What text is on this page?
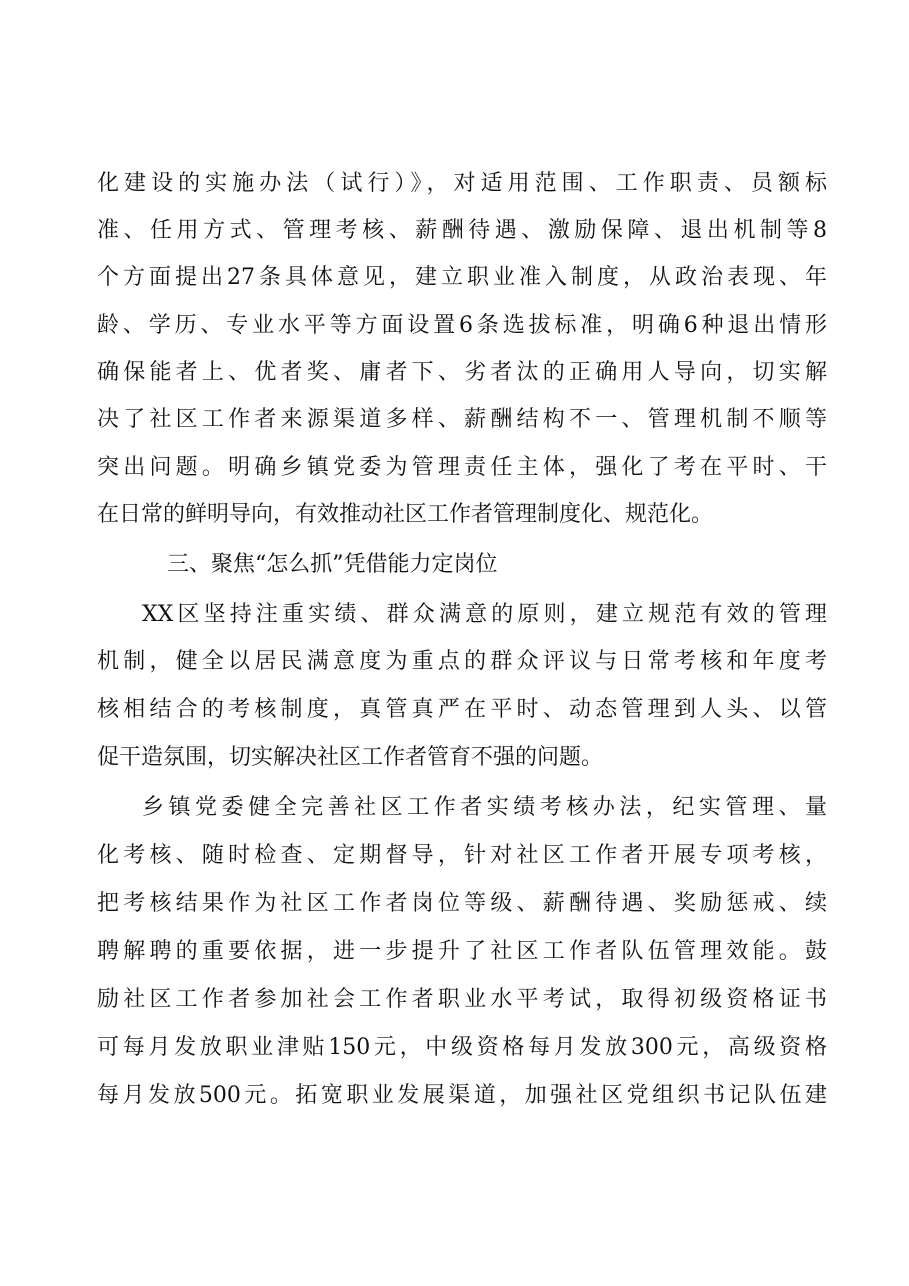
化建设的实施办法（试行）》，对适用范围、工作职责、员额标
准、任用方式、管理考核、薪酬待遇、激励保障、退出机制等8
个方面提出27条具体意见，建立职业准入制度，从政治表现、年
龄、学历、专业水平等方面设置6条选拔标准，明确6种退出情形
确保能者上、优者奖、庸者下、劣者汰的正确用人导向，切实解
决了社区工作者来源渠道多样、薪酬结构不一、管理机制不顺等
突出问题。明确乡镇党委为管理责任主体，强化了考在平时、干
在日常的鲜明导向，有效推动社区工作者管理制度化、规范化。
三、聚焦“怎么抓”凭借能力定岗位
XX区坚持注重实绩、群众满意的原则，建立规范有效的管理
机制，健全以居民满意度为重点的群众评议与日常考核和年度考
核相结合的考核制度，真管真严在平时、动态管理到人头、以管
促干造氛围，切实解决社区工作者管育不强的问题。
乡镇党委健全完善社区工作者实绩考核办法，纪实管理、量
化考核、随时检查、定期督导，针对社区工作者开展专项考核，
把考核结果作为社区工作者岗位等级、薪酬待遇、奖励惩戒、续
聘解聘的重要依据，进一步提升了社区工作者队伍管理效能。鼓
励社区工作者参加社会工作者职业水平考试，取得初级资格证书
可每月发放职业津贴150元，中级资格每月发放300元，高级资格
每月发放500元。拓宽职业发展渠道，加强社区党组织书记队伍建
